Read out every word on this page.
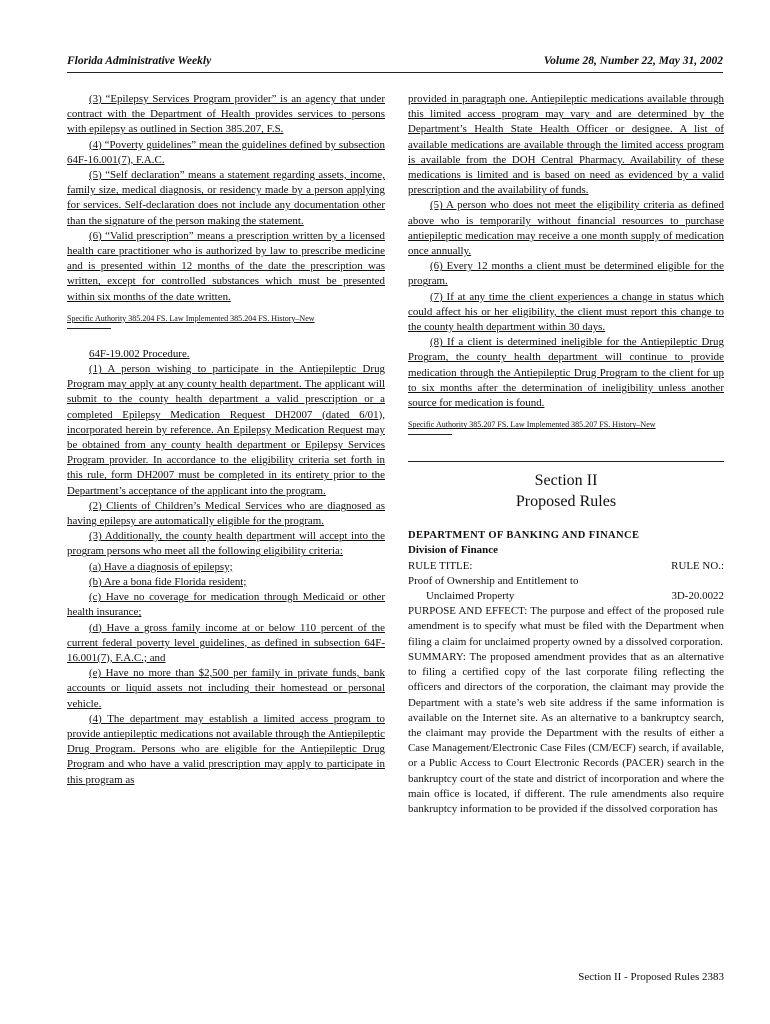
Florida Administrative Weekly	Volume 28, Number 22, May 31, 2002

(3) “Epilepsy Services Program provider” is an agency that under contract with the Department of Health provides services to persons with epilepsy as outlined in Section 385.207, F.S.

(4) “Poverty guidelines” mean the guidelines defined by subsection 64F-16.001(7), F.A.C.

(5) “Self declaration” means a statement regarding assets, income, family size, medical diagnosis, or residency made by a person applying for services. Self-declaration does not include any documentation other than the signature of the person making the statement.

(6) “Valid prescription” means a prescription written by a licensed health care practitioner who is authorized by law to prescribe medicine and is presented within 12 months of the date the prescription was written, except for controlled substances which must be presented within six months of the date written.

Specific Authority 385.204 FS. Law Implemented 385.204 FS. History–New

64F-19.002 Procedure.

(1) A person wishing to participate in the Antiepileptic Drug Program may apply at any county health department. The applicant will submit to the county health department a valid prescription or a completed Epilepsy Medication Request DH2007 (dated 6/01), incorporated herein by reference. An Epilepsy Medication Request may be obtained from any county health department or Epilepsy Services Program provider. In accordance to the eligibility criteria set forth in this rule, form DH2007 must be completed in its entirety prior to the Department’s acceptance of the applicant into the program.

(2) Clients of Children’s Medical Services who are diagnosed as having epilepsy are automatically eligible for the program.

(3) Additionally, the county health department will accept into the program persons who meet all the following eligibility criteria:

(a) Have a diagnosis of epilepsy;

(b) Are a bona fide Florida resident;

(c) Have no coverage for medication through Medicaid or other health insurance;

(d) Have a gross family income at or below 110 percent of the current federal poverty level guidelines, as defined in subsection 64F-16.001(7), F.A.C.; and

(e) Have no more than $2,500 per family in private funds, bank accounts or liquid assets not including their homestead or personal vehicle.

(4) The department may establish a limited access program to provide antiepileptic medications not available through the Antiepileptic Drug Program. Persons who are eligible for the Antiepileptic Drug Program and who have a valid prescription may apply to participate in this program as

provided in paragraph one. Antiepileptic medications available through this limited access program may vary and are determined by the Department’s Health State Health Officer or designee. A list of available medications are available through the limited access program is available from the DOH Central Pharmacy. Availability of these medications is limited and is based on need as evidenced by a valid prescription and the availability of funds.

(5) A person who does not meet the eligibility criteria as defined above who is temporarily without financial resources to purchase antiepileptic medication may receive a one month supply of medication once annually.

(6) Every 12 months a client must be determined eligible for the program.

(7) If at any time the client experiences a change in status which could affect his or her eligibility, the client must report this change to the county health department within 30 days.

(8) If a client is determined ineligible for the Antiepileptic Drug Program, the county health department will continue to provide medication through the Antiepileptic Drug Program to the client for up to six months after the determination of ineligibility unless another source for medication is found.

Specific Authority 385.207 FS. Law Implemented 385.207 FS. History–New

Section II
Proposed Rules

DEPARTMENT OF BANKING AND FINANCE

Division of Finance

RULE TITLE:	RULE NO.:

Proof of Ownership and Entitlement to

Unclaimed Property	3D-20.0022

PURPOSE AND EFFECT: The purpose and effect of the proposed rule amendment is to specify what must be filed with the Department when filing a claim for unclaimed property owned by a dissolved corporation.

SUMMARY: The proposed amendment provides that as an alternative to filing a certified copy of the last corporate filing reflecting the officers and directors of the corporation, the claimant may provide the Department with a state’s web site address if the same information is available on the Internet site. As an alternative to a bankruptcy search, the claimant may provide the Department with the results of either a Case Management/Electronic Case Files (CM/ECF) search, if available, or a Public Access to Court Electronic Records (PACER) search in the bankruptcy court of the state and district of incorporation and where the main office is located, if different. The rule amendments also require bankruptcy information to be provided if the dissolved corporation has

Section II - Proposed Rules 2383
